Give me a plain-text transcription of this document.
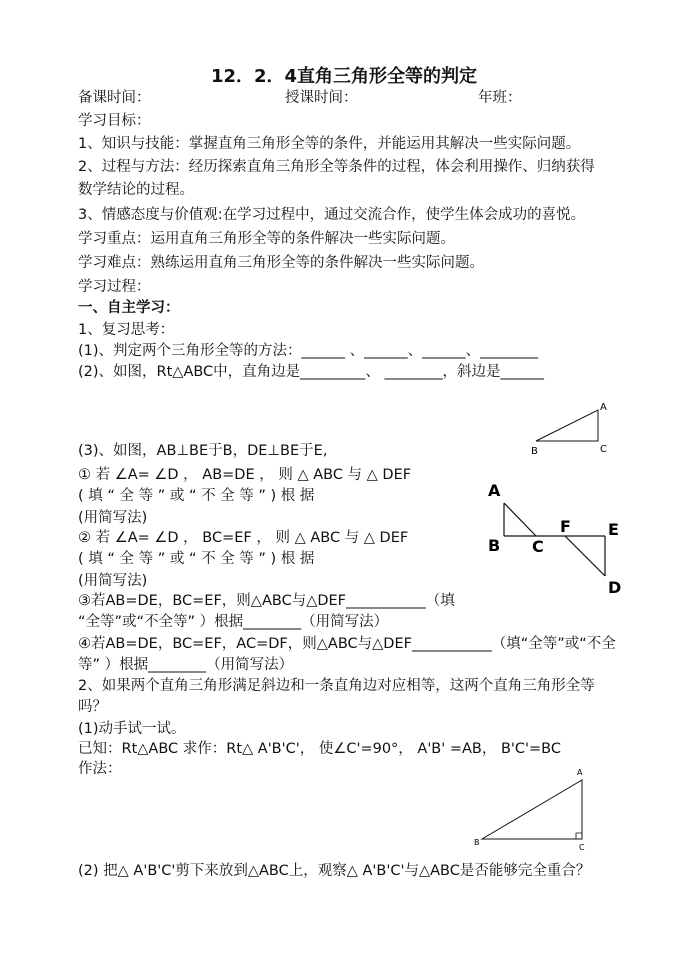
12．2．4直角三角形全等的判定
备课时间：	授课时间：	年班：
学习目标：
1、知识与技能：掌握直角三角形全等的条件，并能运用其解决一些实际问题。
2、过程与方法：经历探索直角三角形全等条件的过程，体会利用操作、归纳获得
数学结论的过程。
3、情感态度与价值观:在学习过程中，通过交流合作，使学生体会成功的喜悦。
学习重点：运用直角三角形全等的条件解决一些实际问题。
学习难点：熟练运用直角三角形全等的条件解决一些实际问题。
学习过程：
一、自主学习：
1、复习思考：
(1)、判定两个三角形全等的方法：______ 、______、______、________
(2)、如图，Rt△ABC中，直角边是_________、 ________，斜边是______
A
B	C
(3)、如图，AB⊥BE于B，DE⊥BE于E,
① 若 ∠A= ∠D ， AB=DE ， 则 △ ABC 与 △ DEF
( 填 “ 全 等 ” 或 “ 不 全 等 ” ) 根 据
(用简写法)
② 若 ∠A= ∠D ， BC=EF ， 则 △ ABC 与 △ DEF
( 填 “ 全 等 ” 或 “ 不 全 等 ” ) 根 据
(用简写法)
A
B C
D
E
F
③若AB=DE，BC=EF，则△ABC与△DEF___________（填
“全等”或“不全等” ）根据________（用简写法）
④若AB=DE，BC=EF，AC=DF，则△ABC与△DEF___________（填“全等”或“不全
等” ）根据________（用简写法）
2、如果两个直角三角形满足斜边和一条直角边对应相等，这两个直角三角形全等
吗？
(1)动手试一试。
已知：Rt△ABC 求作：Rt△ A'B'C'， 使∠C'=90°， A'B' =AB， B'C'=BC
作法：	A
B
C
(2) 把△ A'B'C'剪下来放到△ABC上，观察△ A'B'C'与△ABC是否能够完全重合？
